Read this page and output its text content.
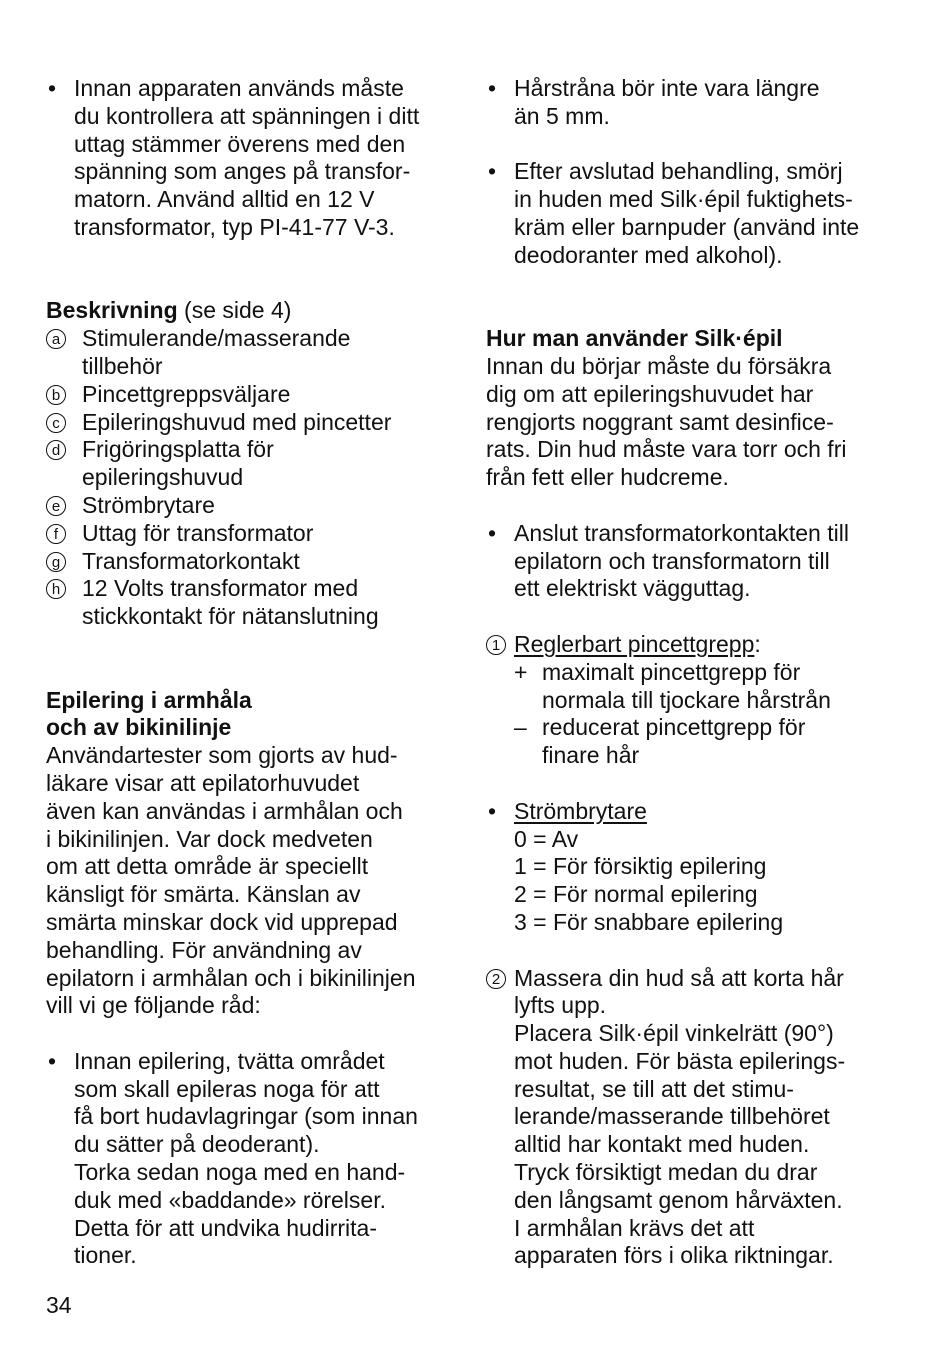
• Innan apparaten används måste

du kontrollera att spänningen i ditt

uttag stämmer överens med den

spänning som anges på transfor-

matorn. Använd alltid en 12 V

transformator, typ PI-41-77 V-3.

Beskrivning (se side 4)

a Stimulerande/masserande

tillbehör

b Pincettgreppsväljare

c Epileringshuvud med pincetter

d Frigöringsplatta för

epileringshuvud

e Strömbrytare

f	Uttag för transformator

g Transformatorkontakt

h 12 Volts transformator med

stickkontakt för nätanslutning

Epilering i armhåla

och av bikinilinje

Användartester som gjorts av hud-

läkare visar att epilatorhuvudet

även kan användas i armhålan och

i bikinilinjen. Var dock medveten

om att detta område är speciellt

känsligt för smärta. Känslan av

smärta minskar dock vid upprepad

behandling. För användning av

epilatorn i armhålan och i bikinilinjen

vill vi ge följande råd:

• Innan epilering, tvätta området

som skall epileras noga för att

få bort hudavlagringar (som innan

du sätter på deoderant).

Torka sedan noga med en hand-

duk med «baddande» rörelser.

Detta för att undvika hudirrita-

tioner.

• Hårstråna bör inte vara längre

än 5 mm.

• Efter avslutad behandling, smörj

in huden med Silk·épil fuktighets-

kräm eller barnpuder (använd inte

deodoranter med alkohol).

Hur man använder Silk·épil

Innan du börjar måste du försäkra

dig om att epileringshuvudet har

rengjorts noggrant samt desinfice-

rats. Din hud måste vara torr och fri

från fett eller hudcreme.

• Anslut transformatorkontakten till

epilatorn och transformatorn till

ett elektriskt vägguttag.

1 Reglerbart pincettgrepp:

+ maximalt pincettgrepp för

normala till tjockare hårstrån

– reducerat pincettgrepp för

finare hår

• Strömbrytare

0 = Av

1 = För försiktig epilering

2 = För normal epilering

3 = För snabbare epilering

2 Massera din hud så att korta hår

lyfts upp.

Placera Silk·épil vinkelrätt (90°)

mot huden. För bästa epilerings-

resultat, se till att det stimu-

lerande/masserande tillbehöret

alltid har kontakt med huden.

Tryck försiktigt medan du drar

den långsamt genom hårväxten.

I armhålan krävs det att

apparaten förs i olika riktningar.

34
